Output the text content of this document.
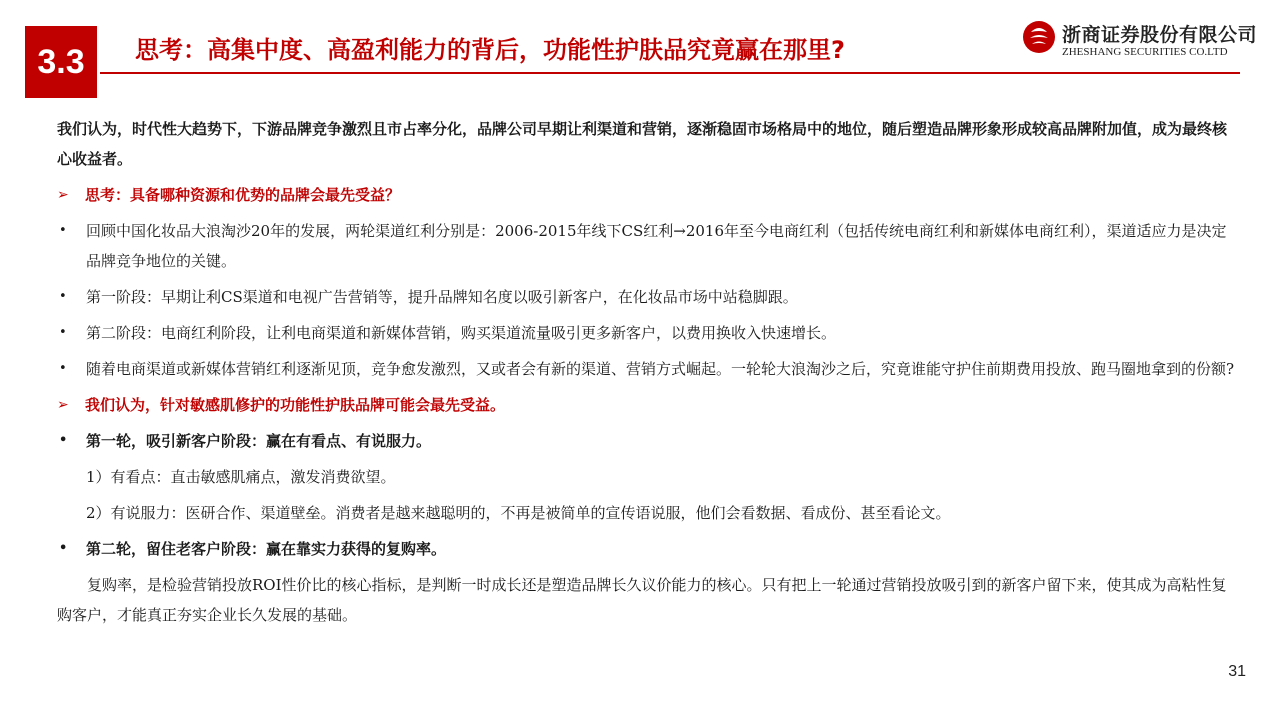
3.3	思考：高集中度、高盈利能力的背后，功能性护肤品究竟赢在那里?
浙商证券股份有限公司
ZHESHANG SECURITIES CO.LTD

我们认为，时代性大趋势下，下游品牌竞争激烈且市占率分化，品牌公司早期让利渠道和营销，逐渐稳固市场格局中的地位，随后塑造品牌形象形成较高品牌附加值，成为最终核心收益者。

➢ 思考：具备哪种资源和优势的品牌会最先受益？

• 回顾中国化妆品大浪淘沙20年的发展，两轮渠道红利分别是：2006-2015年线下CS红利→2016年至今电商红利（包括传统电商红利和新媒体电商红利），渠道适应力是决定品牌竞争地位的关键。

• 第一阶段：早期让利CS渠道和电视广告营销等，提升品牌知名度以吸引新客户，在化妆品市场中站稳脚跟。

• 第二阶段：电商红利阶段，让利电商渠道和新媒体营销，购买渠道流量吸引更多新客户，以费用换收入快速增长。

• 随着电商渠道或新媒体营销红利逐渐见顶，竞争愈发激烈，又或者会有新的渠道、营销方式崛起。一轮轮大浪淘沙之后，究竟谁能守护住前期费用投放、跑马圈地拿到的份额?

➢ 我们认为，针对敏感肌修护的功能性护肤品牌可能会最先受益。

• 第一轮，吸引新客户阶段：赢在有看点、有说服力。

1）有看点：直击敏感肌痛点，激发消费欲望。

2）有说服力：医研合作、渠道壁垒。消费者是越来越聪明的，不再是被简单的宣传语说服，他们会看数据、看成份、甚至看论文。

• 第二轮，留住老客户阶段：赢在靠实力获得的复购率。

复购率，是检验营销投放ROI性价比的核心指标，是判断一时成长还是塑造品牌长久议价能力的核心。只有把上一轮通过营销投放吸引到的新客户留下来，使其成为高粘性复购客户，才能真正夯实企业长久发展的基础。

31
